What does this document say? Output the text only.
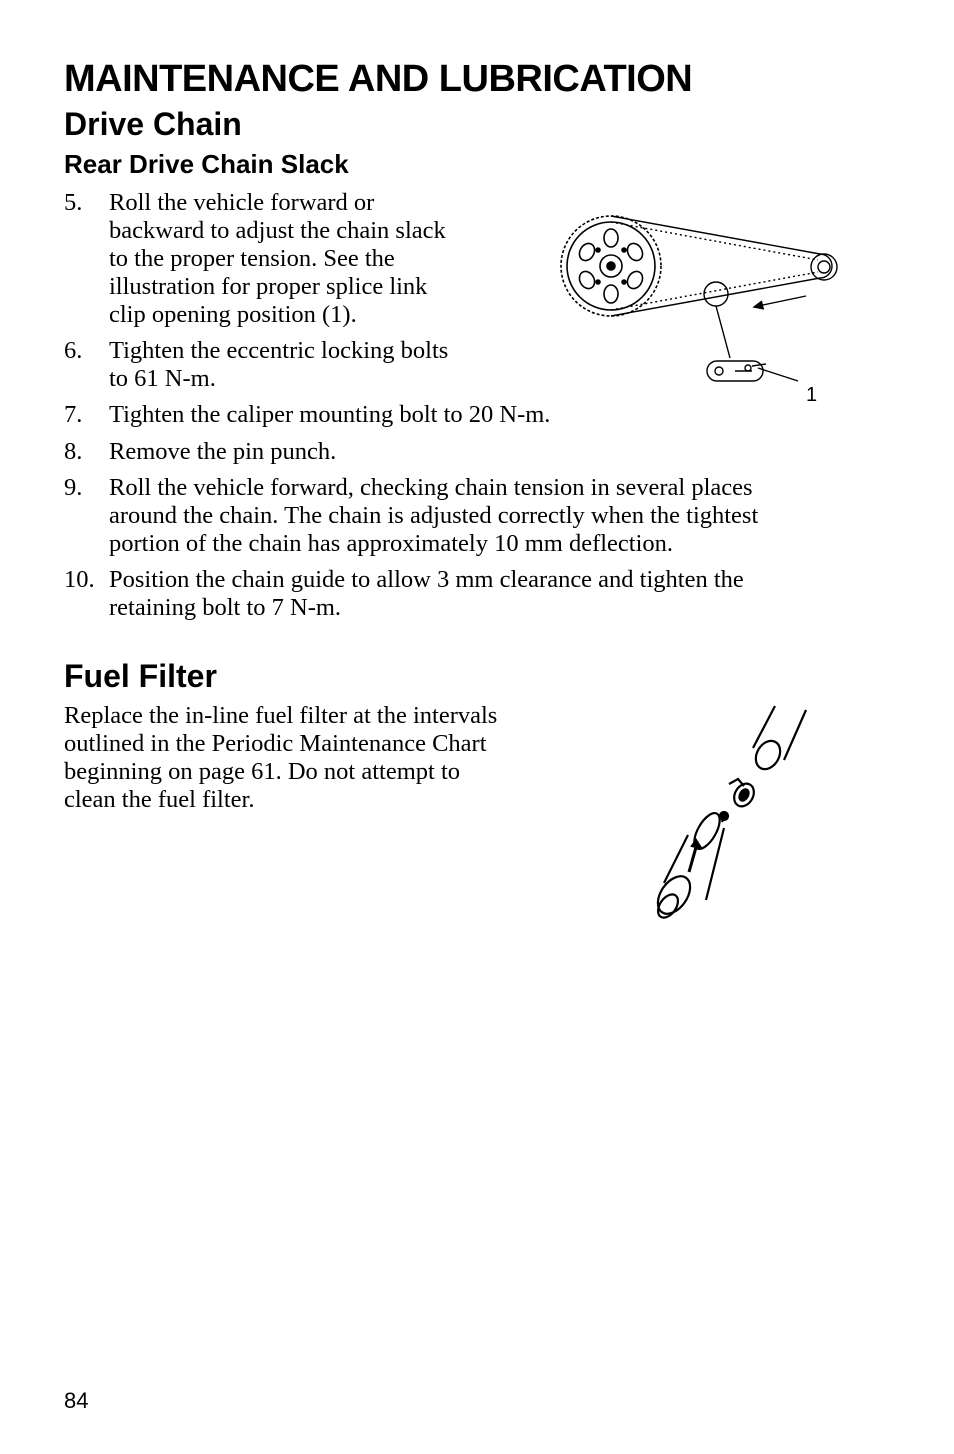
MAINTENANCE AND LUBRICATION
Drive Chain
Rear Drive Chain Slack
5. Roll the vehicle forward or
backward to adjust the chain slack
to the proper tension. See the
illustration for proper splice link
clip opening position (1).
6. Tighten the eccentric locking bolts
to 61 N-m.
7. Tighten the caliper mounting bolt to 20 N-m.
8. Remove the pin punch.
9. Roll the vehicle forward, checking chain tension in several places
around the chain. The chain is adjusted correctly when the tightest
portion of the chain has approximately 10 mm deflection.
10. Position the chain guide to allow 3 mm clearance and tighten the
retaining bolt to 7 N-m.
1
Fuel Filter
Replace the in-line fuel filter at the intervals
outlined in the Periodic Maintenance Chart
beginning on page 61. Do not attempt to
clean the fuel filter.
84
